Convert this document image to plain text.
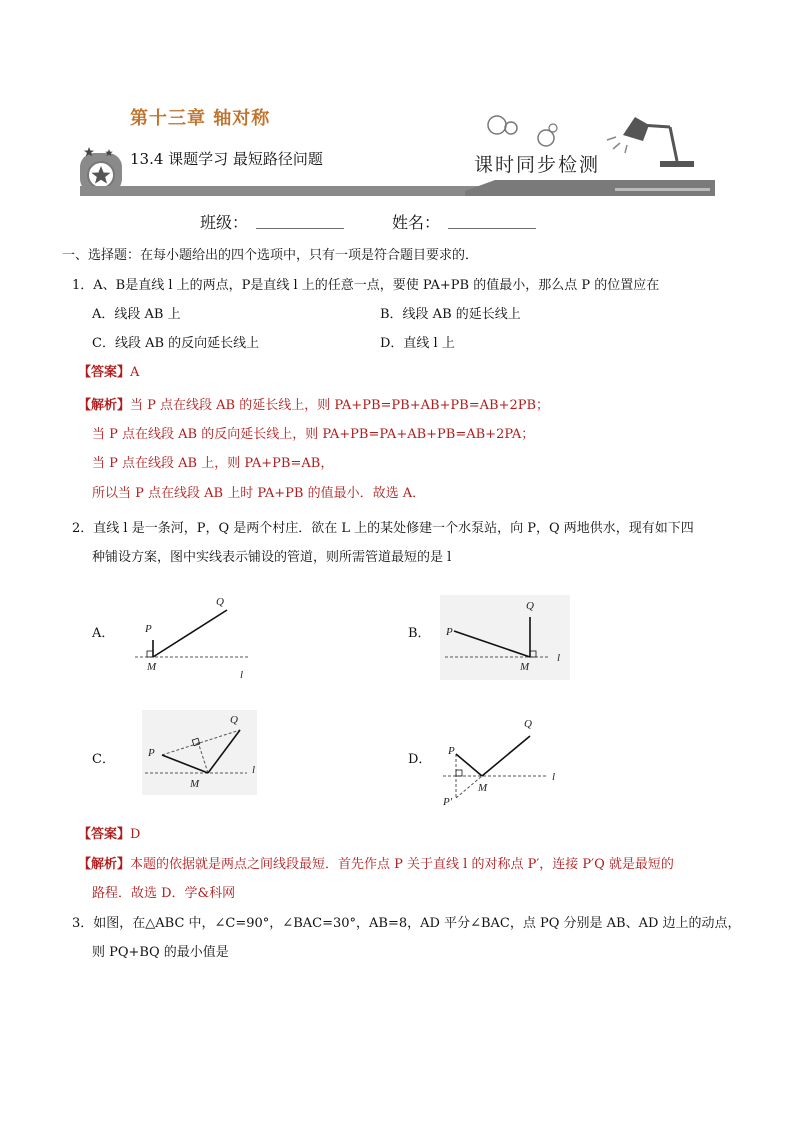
第十三章 轴对称
13.4 课题学习 最短路径问题	课时同步检测
班级： ___________	姓名： ___________
一、选择题：在每小题给出的四个选项中，只有一项是符合题目要求的．
1．A、B是直线 l 上的两点，P是直线 l 上的任意一点，要使 PA+PB 的值最小，那么点 P 的位置应在
A．线段 AB 上	B．线段 AB 的延长线上
C．线段 AB 的反向延长线上	D．直线 l 上
【答案】A
【解析】当 P 点在线段 AB 的延长线上，则 PA+PB=PB+AB+PB=AB+2PB；
当 P 点在线段 AB 的反向延长线上，则 PA+PB=PA+AB+PB=AB+2PA；
当 P 点在线段 AB 上，则 PA+PB=AB，
所以当 P 点在线段 AB 上时 PA+PB 的值最小．故选 A．
2．直线 l 是一条河，P，Q 是两个村庄．欲在 L 上的某处修建一个水泵站，向 P，Q 两地供水，现有如下四
种铺设方案，图中实线表示铺设的管道，则所需管道最短的是 l
A．	P
Q
M
l
B． P
Q
M
l
C．	P
Q
M
l
D．
P
Q
M
l
P'
【答案】D
【解析】本题的依据就是两点之间线段最短．首先作点 P 关于直线 l 的对称点 P′，连接 P′Q 就是最短的
路程．故选 D．学&科网
3．如图，在△ABC 中，∠C=90°，∠BAC=30°，AB=8，AD 平分∠BAC，点 PQ 分别是 AB、AD 边上的动点，
则 PQ+BQ 的最小值是
